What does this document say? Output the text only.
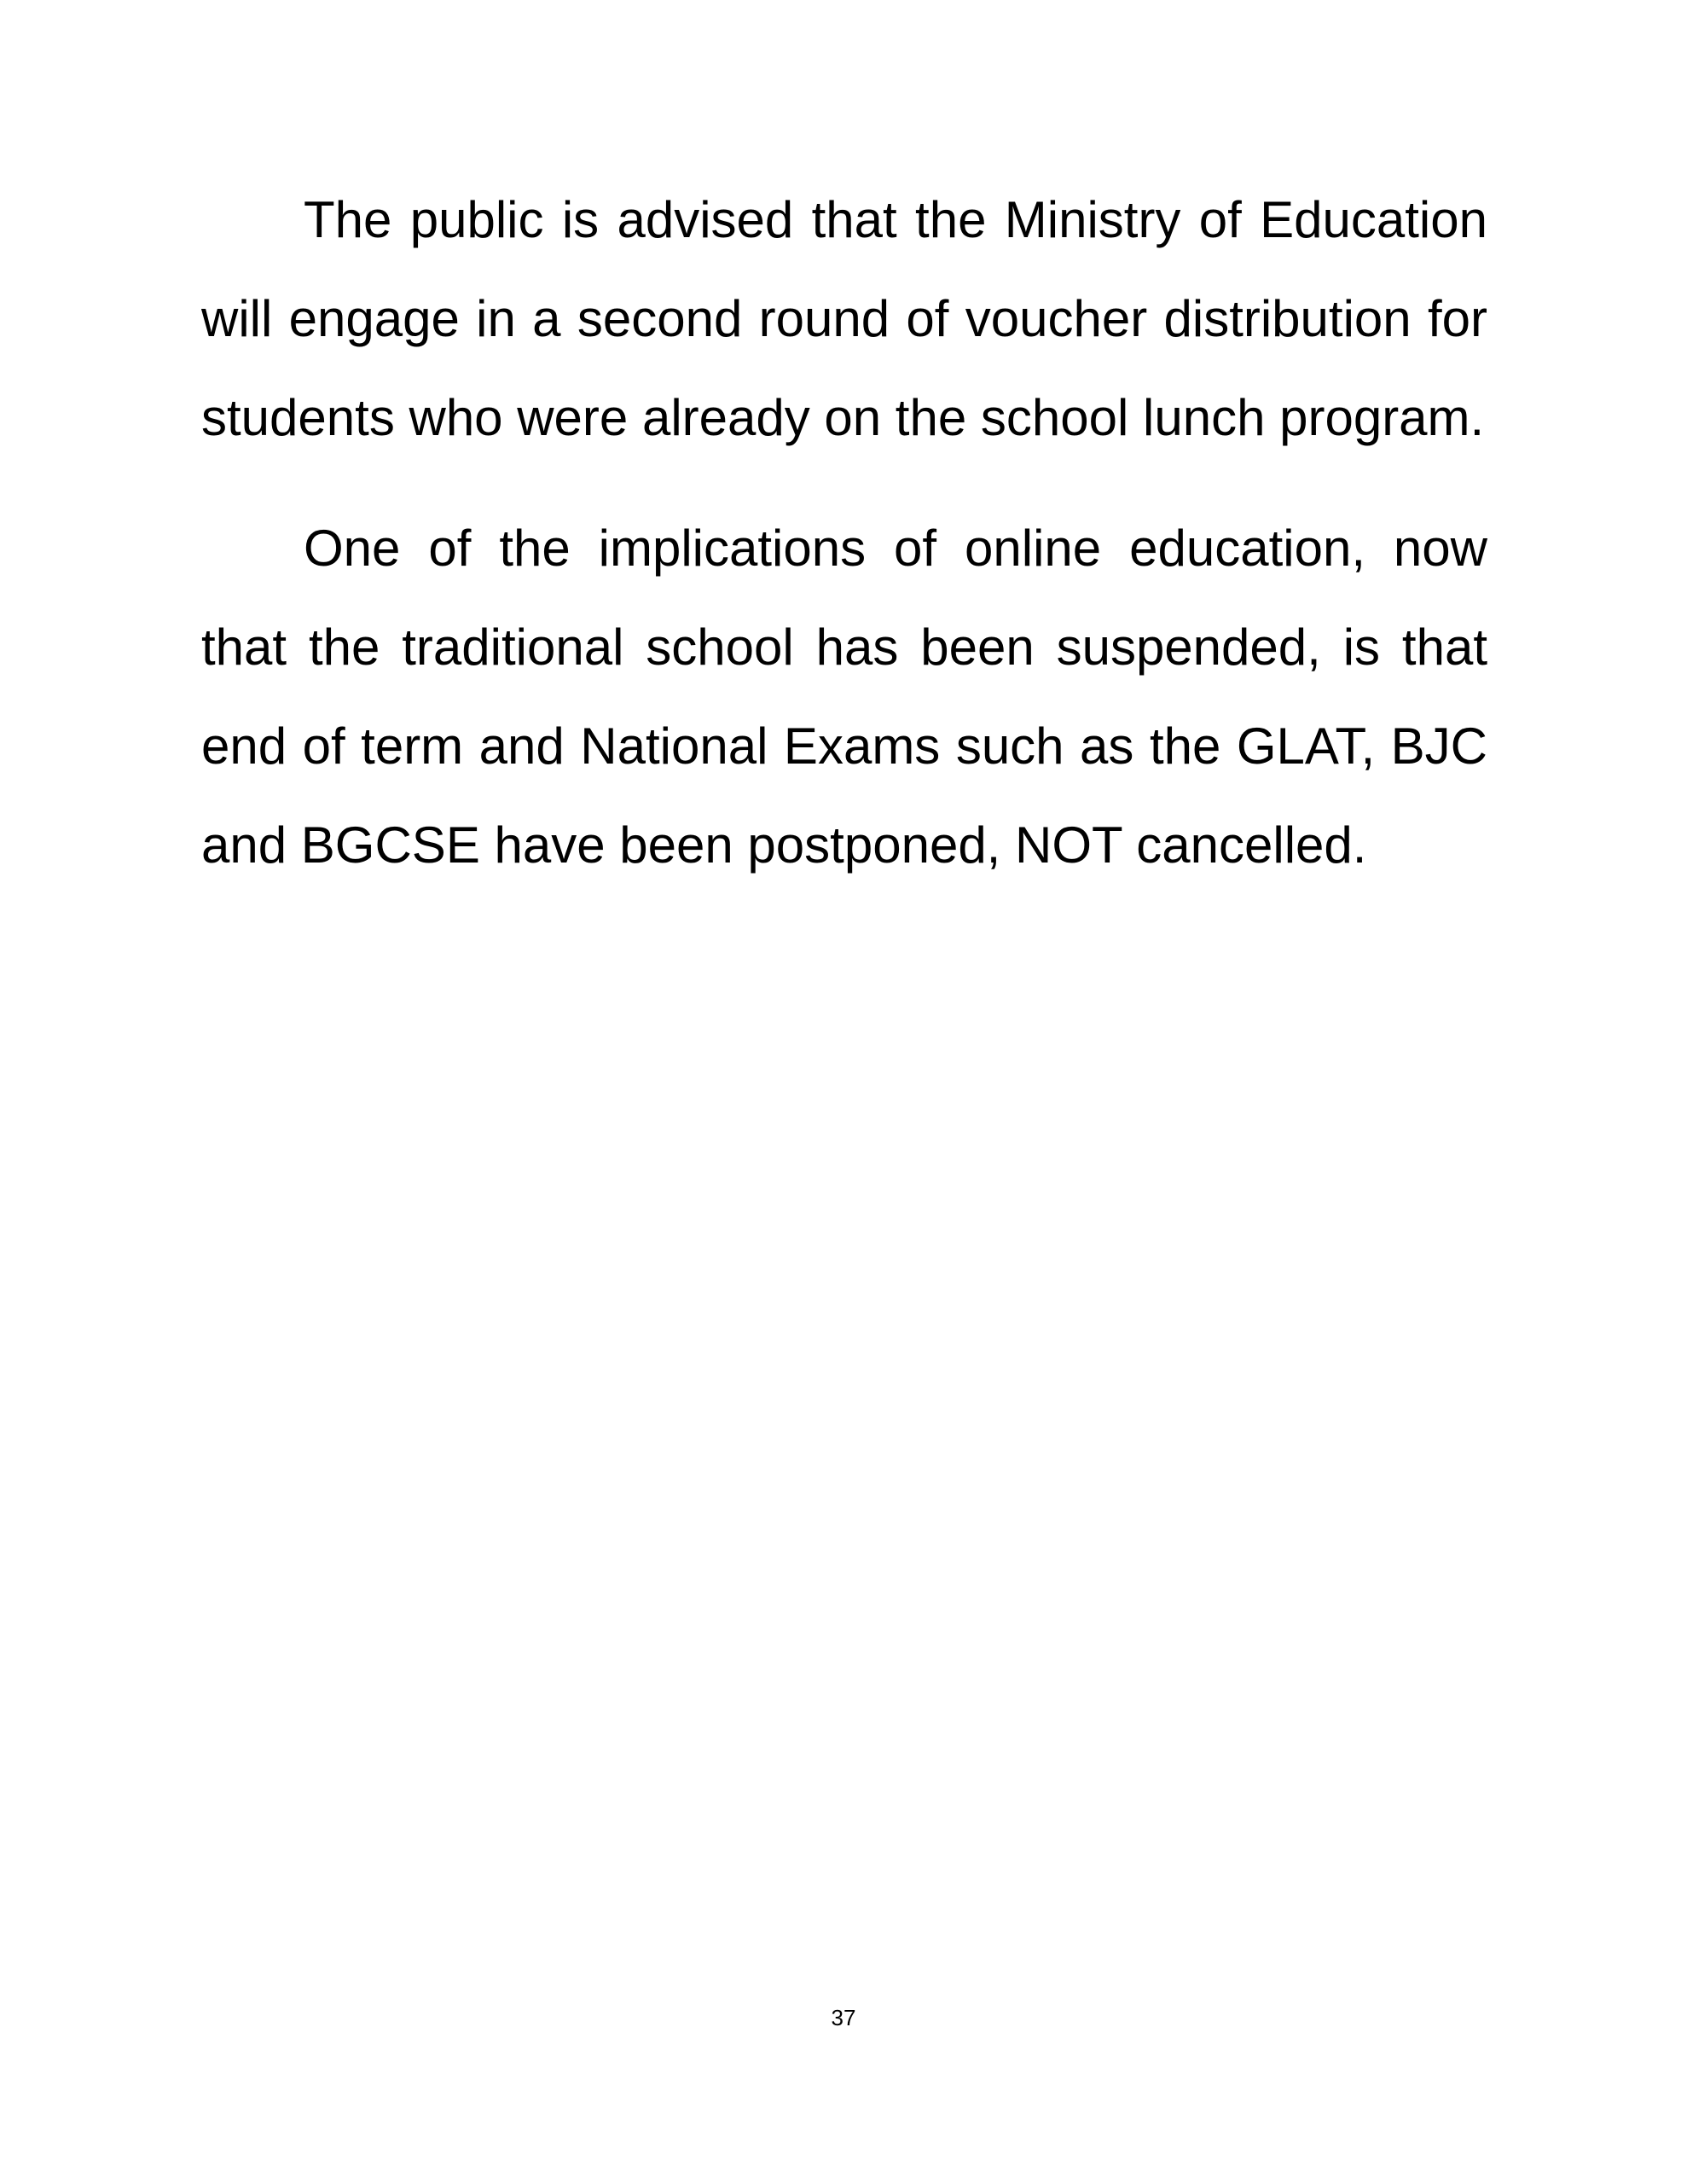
The public is advised that the Ministry of Education will engage in a second round of voucher distribution for students who were already on the school lunch program.

One of the implications of online education, now that the traditional school has been suspended, is that end of term and National Exams such as the GLAT, BJC and BGCSE have been postponed, NOT cancelled.

37
